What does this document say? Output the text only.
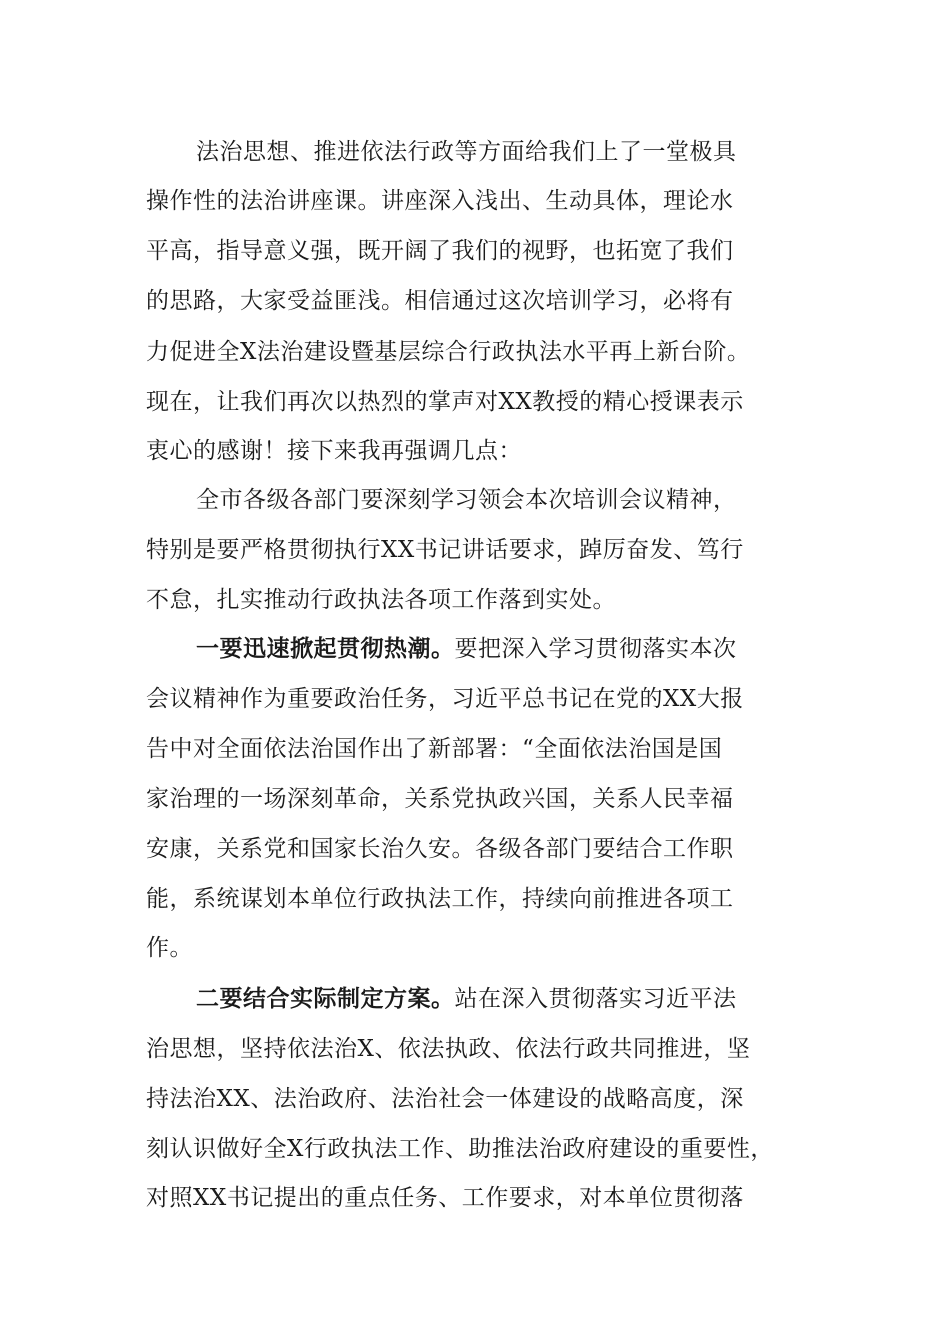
法治思想、推进依法行政等方面给我们上了一堂极具
操作性的法治讲座课。讲座深入浅出、生动具体，理论水
平高，指导意义强，既开阔了我们的视野，也拓宽了我们
的思路，大家受益匪浅。相信通过这次培训学习，必将有
力促进全X法治建设暨基层综合行政执法水平再上新台阶。
现在，让我们再次以热烈的掌声对XX教授的精心授课表示
衷心的感谢！接下来我再强调几点：
全市各级各部门要深刻学习领会本次培训会议精神，
特别是要严格贯彻执行XX书记讲话要求，踔厉奋发、笃行
不怠，扎实推动行政执法各项工作落到实处。
一要迅速掀起贯彻热潮。要把深入学习贯彻落实本次
会议精神作为重要政治任务，习近平总书记在党的XX大报
告中对全面依法治国作出了新部署：“全面依法治国是国
家治理的一场深刻革命，关系党执政兴国，关系人民幸福
安康，关系党和国家长治久安。各级各部门要结合工作职
能，系统谋划本单位行政执法工作，持续向前推进各项工
作。
二要结合实际制定方案。站在深入贯彻落实习近平法
治思想，坚持依法治X、依法执政、依法行政共同推进，坚
持法治XX、法治政府、法治社会一体建设的战略高度，深
刻认识做好全X行政执法工作、助推法治政府建设的重要性，
对照XX书记提出的重点任务、工作要求，对本单位贯彻落
